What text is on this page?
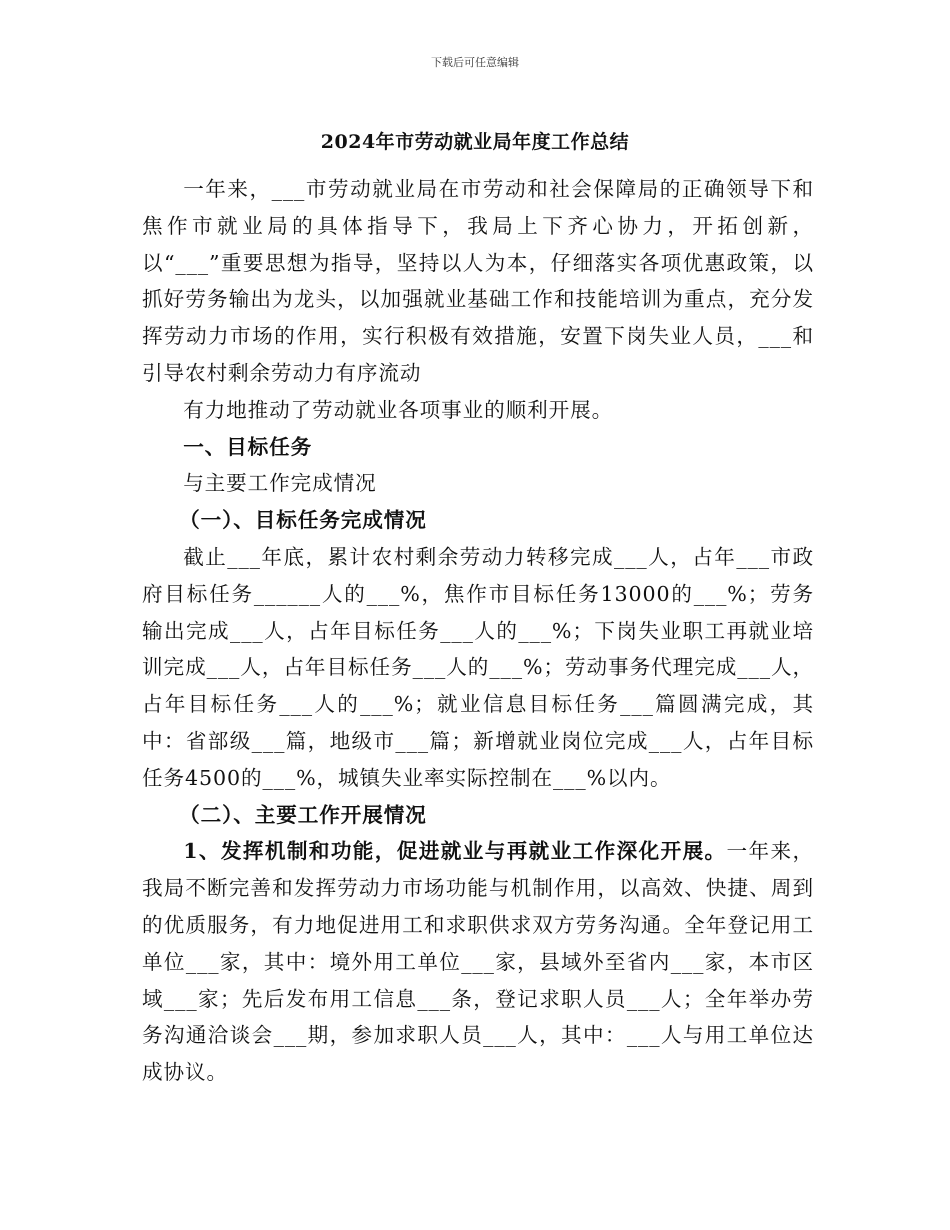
下载后可任意编辑
2024年市劳动就业局年度工作总结

一年来，___市劳动就业局在市劳动和社会保障局的正确领导下和焦作市就业局的具体指导下，我局上下齐心协力，开拓创新，以“___”重要思想为指导，坚持以人为本，仔细落实各项优惠政策，以抓好劳务输出为龙头，以加强就业基础工作和技能培训为重点，充分发挥劳动力市场的作用，实行积极有效措施，安置下岗失业人员，___和引导农村剩余劳动力有序流动

有力地推动了劳动就业各项事业的顺利开展。

一、目标任务

与主要工作完成情况

（一）、目标任务完成情况

截止___年底，累计农村剩余劳动力转移完成___人，占年___市政府目标任务______人的___%，焦作市目标任务13000的___%；劳务输出完成___人，占年目标任务___人的___%；下岗失业职工再就业培训完成___人，占年目标任务___人的___%；劳动事务代理完成___人，占年目标任务___人的___%；就业信息目标任务___篇圆满完成，其中：省部级___篇，地级市___篇；新增就业岗位完成___人，占年目标任务4500的___%，城镇失业率实际控制在___%以内。

（二）、主要工作开展情况

1、发挥机制和功能，促进就业与再就业工作深化开展。一年来，我局不断完善和发挥劳动力市场功能与机制作用，以高效、快捷、周到的优质服务，有力地促进用工和求职供求双方劳务沟通。全年登记用工单位___家，其中：境外用工单位___家，县域外至省内___家，本市区域___家；先后发布用工信息___条，登记求职人员___人；全年举办劳务沟通洽谈会___期，参加求职人员___人，其中：___人与用工单位达成协议。
